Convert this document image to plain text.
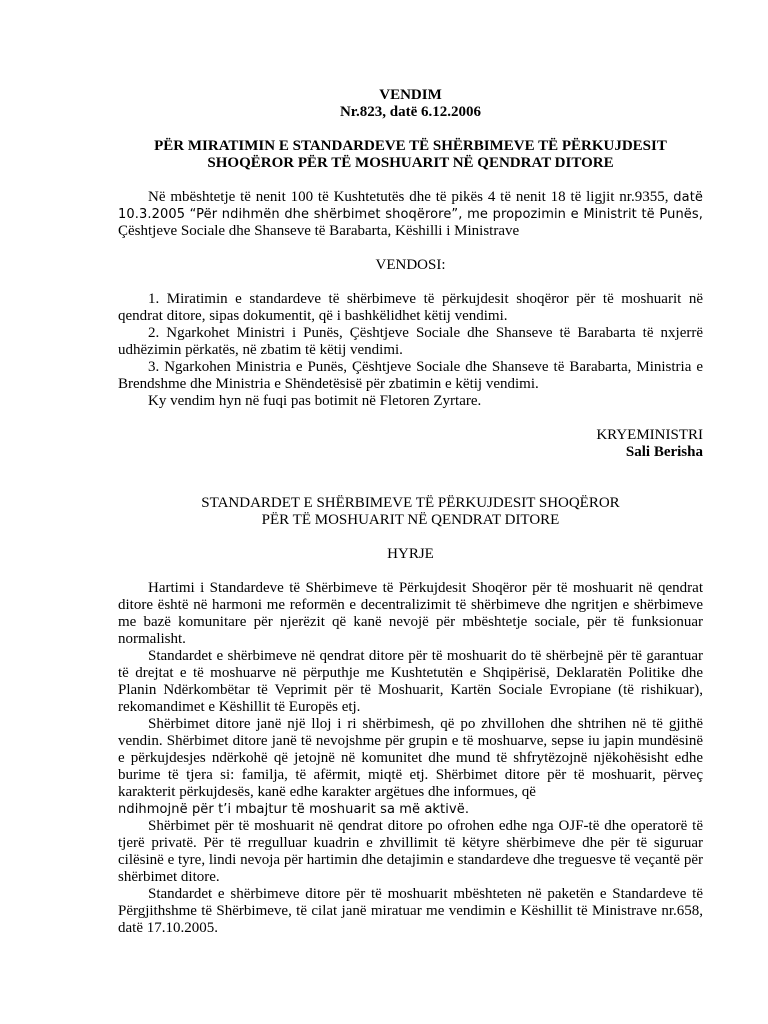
VENDIM
Nr.823, datë 6.12.2006
PËR MIRATIMIN E STANDARDEVE TË SHËRBIMEVE TË PËRKUJDESIT
SHOQËROR PËR TË MOSHUARIT NË QENDRAT DITORE

Në mbështetje të nenit 100 të Kushtetutës dhe të pikës 4 të nenit 18 të ligjit nr.9355, datë 10.3.2005 “Për ndihmën dhe shërbimet shoqërore”, me propozimin e Ministrit të Punës, Çështjeve Sociale dhe Shanseve të Barabarta, Këshilli i Ministrave

VENDOSI:

1. Miratimin e standardeve të shërbimeve të përkujdesit shoqëror për të moshuarit në qendrat ditore, sipas dokumentit, që i bashkëlidhet këtij vendimi.

2. Ngarkohet Ministri i Punës, Çështjeve Sociale dhe Shanseve të Barabarta të nxjerrë udhëzimin përkatës, në zbatim të këtij vendimi.

3. Ngarkohen Ministria e Punës, Çështjeve Sociale dhe Shanseve të Barabarta, Ministria e Brendshme dhe Ministria e Shëndetësisë për zbatimin e këtij vendimi.

Ky vendim hyn në fuqi pas botimit në Fletoren Zyrtare.

KRYEMINISTRI
Sali Berisha
STANDARDET E SHËRBIMEVE TË PËRKUJDESIT SHOQËROR
PËR TË MOSHUARIT NË QENDRAT DITORE
HYRJE

Hartimi i Standardeve të Shërbimeve të Përkujdesit Shoqëror për të moshuarit në qendrat ditore është në harmoni me reformën e decentralizimit të shërbimeve dhe ngritjen e shërbimeve me bazë komunitare për njerëzit që kanë nevojë për mbështetje sociale, për të funksionuar normalisht.

Standardet e shërbimeve në qendrat ditore për të moshuarit do të shërbejnë për të garantuar të drejtat e të moshuarve në përputhje me Kushtetutën e Shqipërisë, Deklaratën Politike dhe Planin Ndërkombëtar të Veprimit për të Moshuarit, Kartën Sociale Evropiane (të rishikuar), rekomandimet e Këshillit të Europës etj.

Shërbimet ditore janë një lloj i ri shërbimesh, që po zhvillohen dhe shtrihen në të gjithë vendin. Shërbimet ditore janë të nevojshme për grupin e të moshuarve, sepse iu japin mundësinë e përkujdesjes ndërkohë që jetojnë në komunitet dhe mund të shfrytëzojnë njëkohësisht edhe burime të tjera si: familja, të afërmit, miqtë etj. Shërbimet ditore për të moshuarit, përveç karakterit përkujdesës, kanë edhe karakter argëtues dhe informues, që

ndihmojnë për t’i mbajtur të moshuarit sa më aktivë.

Shërbimet për të moshuarit në qendrat ditore po ofrohen edhe nga OJF-të dhe operatorë të tjerë privatë. Për të rregulluar kuadrin e zhvillimit të këtyre shërbimeve dhe për të siguruar cilësinë e tyre, lindi nevoja për hartimin dhe detajimin e standardeve dhe treguesve të veçantë për shërbimet ditore.

Standardet e shërbimeve ditore për të moshuarit mbështeten në paketën e Standardeve të Përgjithshme të Shërbimeve, të cilat janë miratuar me vendimin e Këshillit të Ministrave nr.658, datë 17.10.2005.
